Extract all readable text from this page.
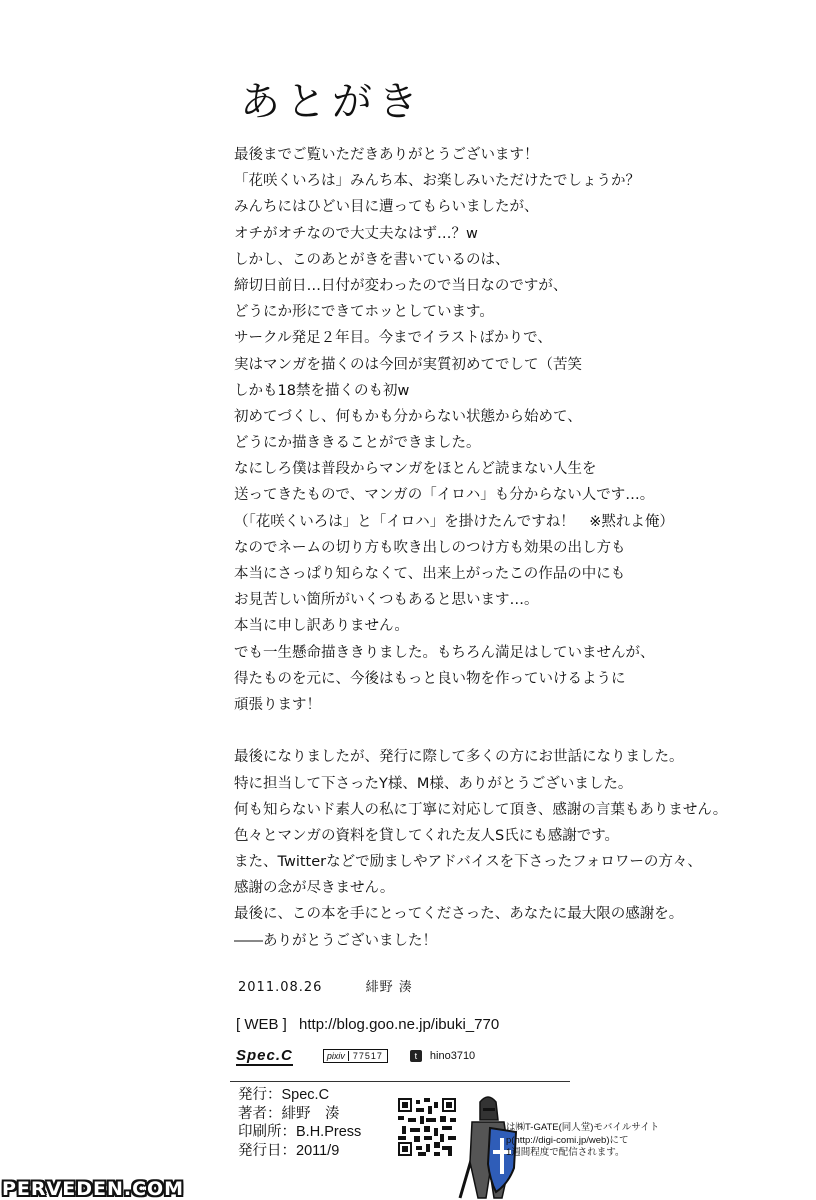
あとがき
最後までご覧いただきありがとうございます！
「花咲くいろは」みんち本、お楽しみいただけたでしょうか？
みんちにはひどい目に遭ってもらいましたが、
オチがオチなので大丈夫なはず…？w
しかし、このあとがきを書いているのは、
締切日前日…日付が変わったので当日なのですが、
どうにか形にできてホッとしています。
サークル発足２年目。今までイラストばかりで、
実はマンガを描くのは今回が実質初めてでして（苦笑
しかも18禁を描くのも初w
初めてづくし、何もかも分からない状態から始めて、
どうにか描ききることができました。
なにしろ僕は普段からマンガをほとんど読まない人生を
送ってきたもので、マンガの「イロハ」も分からない人です…。
（「花咲くいろは」と「イロハ」を掛けたんですね！　※黙れよ俺）
なのでネームの切り方も吹き出しのつけ方も効果の出し方も
本当にさっぱり知らなくて、出来上がったこの作品の中にも
お見苦しい箇所がいくつもあると思います…。
本当に申し訳ありません。
でも一生懸命描ききりました。もちろん満足はしていませんが、
得たものを元に、今後はもっと良い物を作っていけるように
頑張ります！
最後になりましたが、発行に際して多くの方にお世話になりました。
特に担当して下さったY様、M様、ありがとうございました。
何も知らないド素人の私に丁寧に対応して頂き、感謝の言葉もありません。
色々とマンガの資料を貸してくれた友人S氏にも感謝です。
また、Twitterなどで励ましやアドバイスを下さったフォロワーの方々、
感謝の念が尽きません。
最後に、この本を手にとってくださった、あなたに最大限の感謝を。
――ありがとうございました！
2011.08.26	緋野 湊
[ WEB ] http://blog.goo.ne.jp/ibuki_770
Spec.C	pixiv 77517	t	hino3710
発行：Spec.C
著者：緋野　湊
印刷所：B.H.Press
発行日：2011/9
は㈱T-GATE(同人堂)モバイルサイト
p(http://digi-comi.jp/web)にて
1週間程度で配信されます。
PERVEDEN.COM
